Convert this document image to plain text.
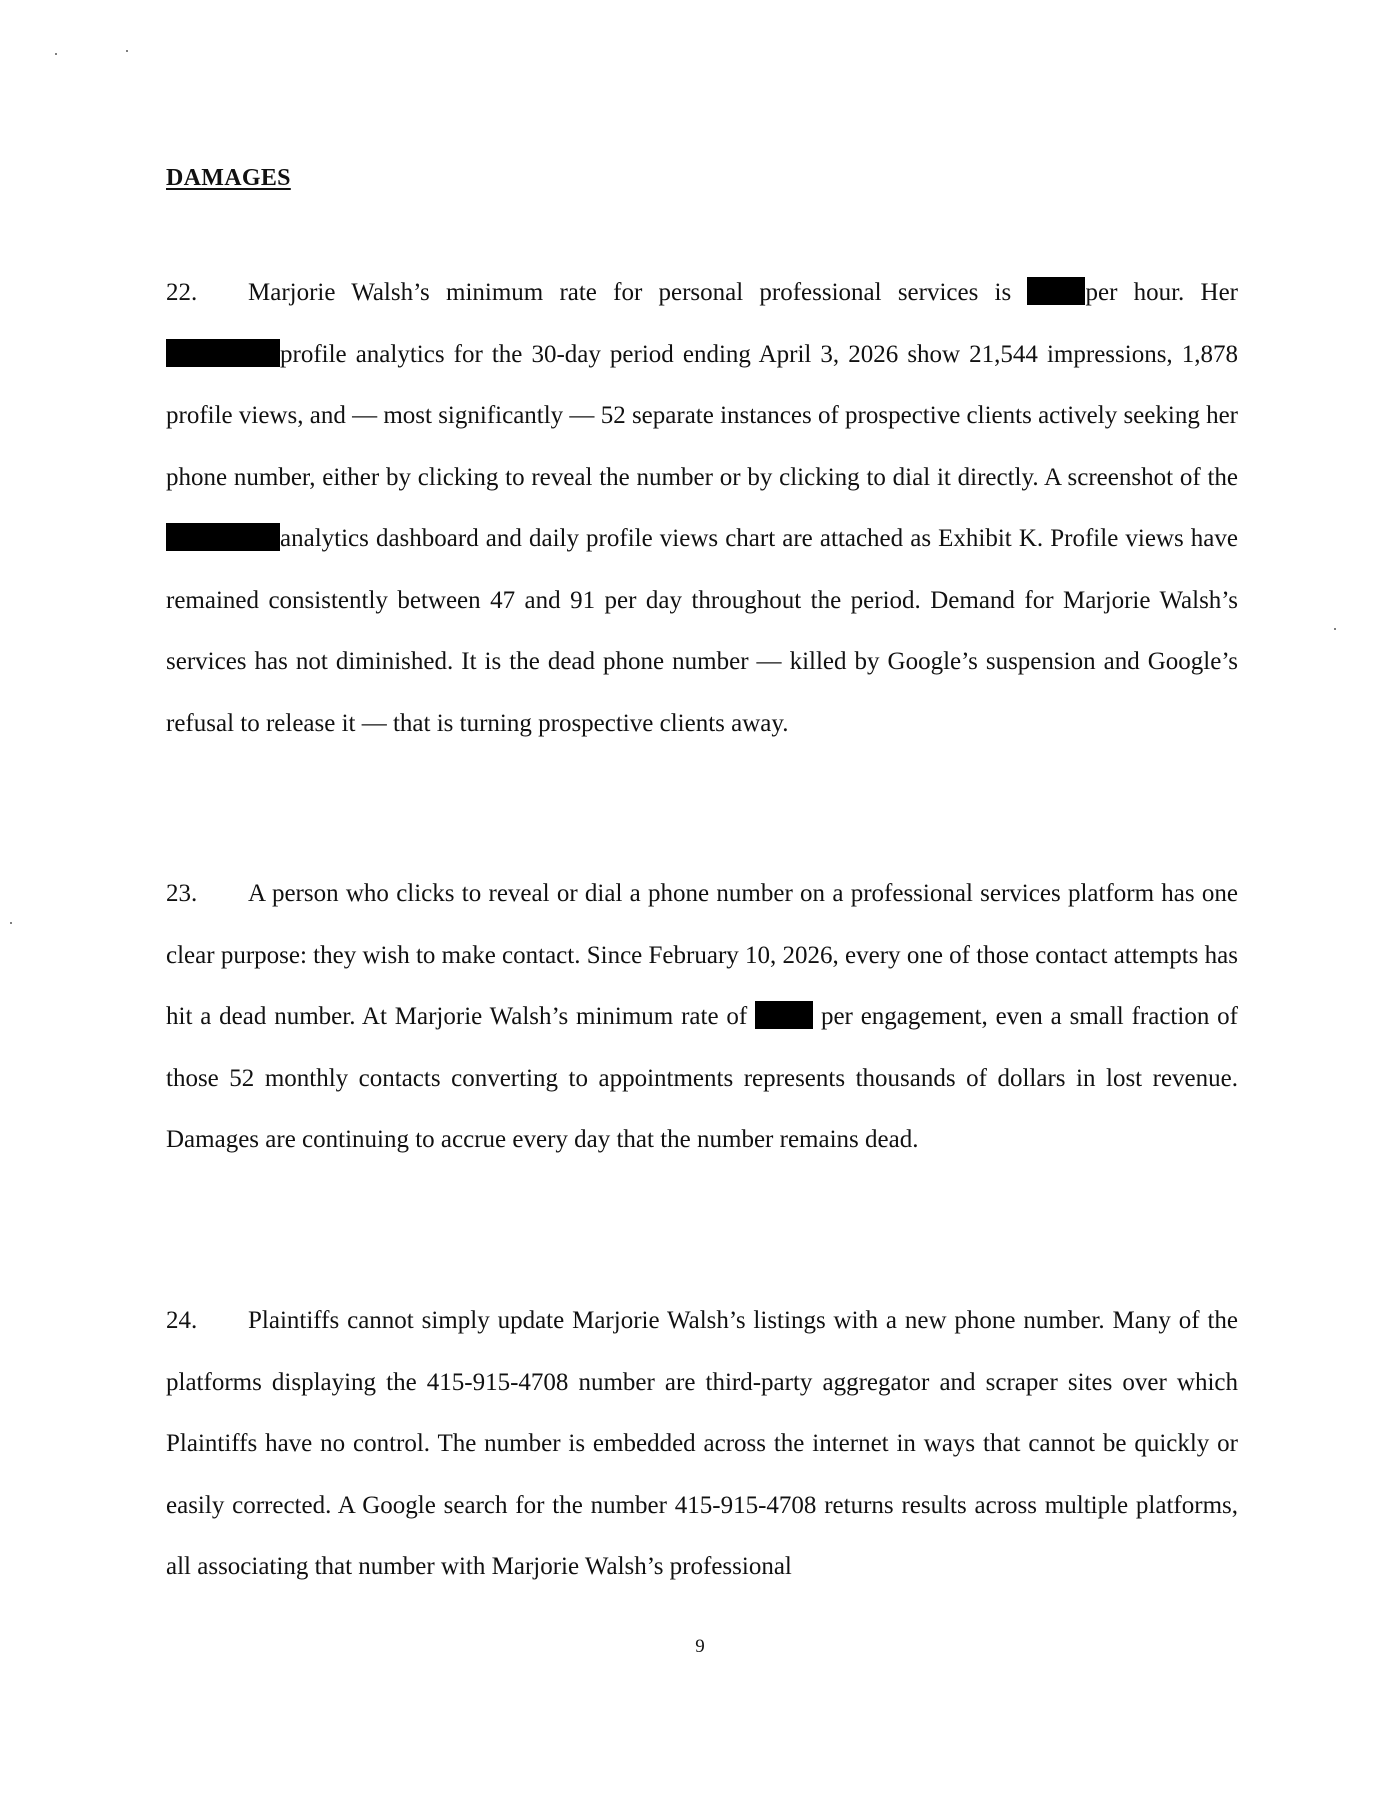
DAMAGES

22. Marjorie Walsh’s minimum rate for personal professional services is per hour. Her profile analytics for the 30-day period ending April 3, 2026 show 21,544 impressions, 1,878 profile views, and — most significantly — 52 separate instances of prospective clients actively seeking her phone number, either by clicking to reveal the number or by clicking to dial it directly. A screenshot of the analytics dashboard and daily profile views chart are attached as Exhibit K. Profile views have remained consistently between 47 and 91 per day throughout the period. Demand for Marjorie Walsh’s services has not diminished. It is the dead phone number — killed by Google’s suspension and Google’s refusal to release it — that is turning prospective clients away.

23. A person who clicks to reveal or dial a phone number on a professional services platform has one clear purpose: they wish to make contact. Since February 10, 2026, every one of those contact attempts has hit a dead number. At Marjorie Walsh’s minimum rate of  per engagement, even a small fraction of those 52 monthly contacts converting to appointments represents thousands of dollars in lost revenue. Damages are continuing to accrue every day that the number remains dead.

24. Plaintiffs cannot simply update Marjorie Walsh’s listings with a new phone number. Many of the platforms displaying the 415-915-4708 number are third-party aggregator and scraper sites over which Plaintiffs have no control. The number is embedded across the internet in ways that cannot be quickly or easily corrected. A Google search for the number 415-915-4708 returns results across multiple platforms, all associating that number with Marjorie Walsh’s professional

9
